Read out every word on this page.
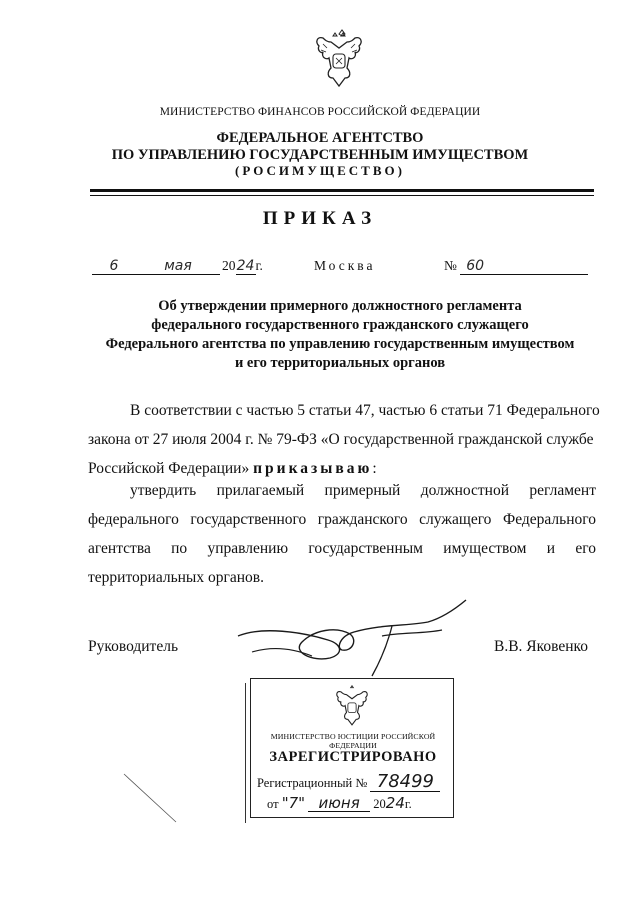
МИНИСТЕРСТВО ФИНАНСОВ РОССИЙСКОЙ ФЕДЕРАЦИИ
ФЕДЕРАЛЬНОЕ АГЕНТСТВО
ПО УПРАВЛЕНИЮ ГОСУДАРСТВЕННЫМ ИМУЩЕСТВОМ
(РОСИМУЩЕСТВО)
ПРИКАЗ
6	мая	2024г.	Москва	№ 60
Об утверждении примерного должностного регламента
федерального государственного гражданского служащего
Федерального агентства по управлению государственным имуществом
и его территориальных органов
В соответствии с частью 5 статьи 47, частью 6 статьи 71 Федерального
закона от 27 июля 2004 г. № 79-ФЗ «О государственной гражданской службе
Российской Федерации» приказываю:
утвердить прилагаемый примерный должностной регламент
федерального государственного гражданского служащего Федерального
агентства по управлению государственным имуществом и его
территориальных органов.
Руководитель	В.В. Яковенко
МИНИСТЕРСТВО ЮСТИЦИИ РОССИЙСКОЙ ФЕДЕРАЦИИ
ЗАРЕГИСТРИРОВАНО
Регистрационный № 78499
от "7" июня 2024г.
